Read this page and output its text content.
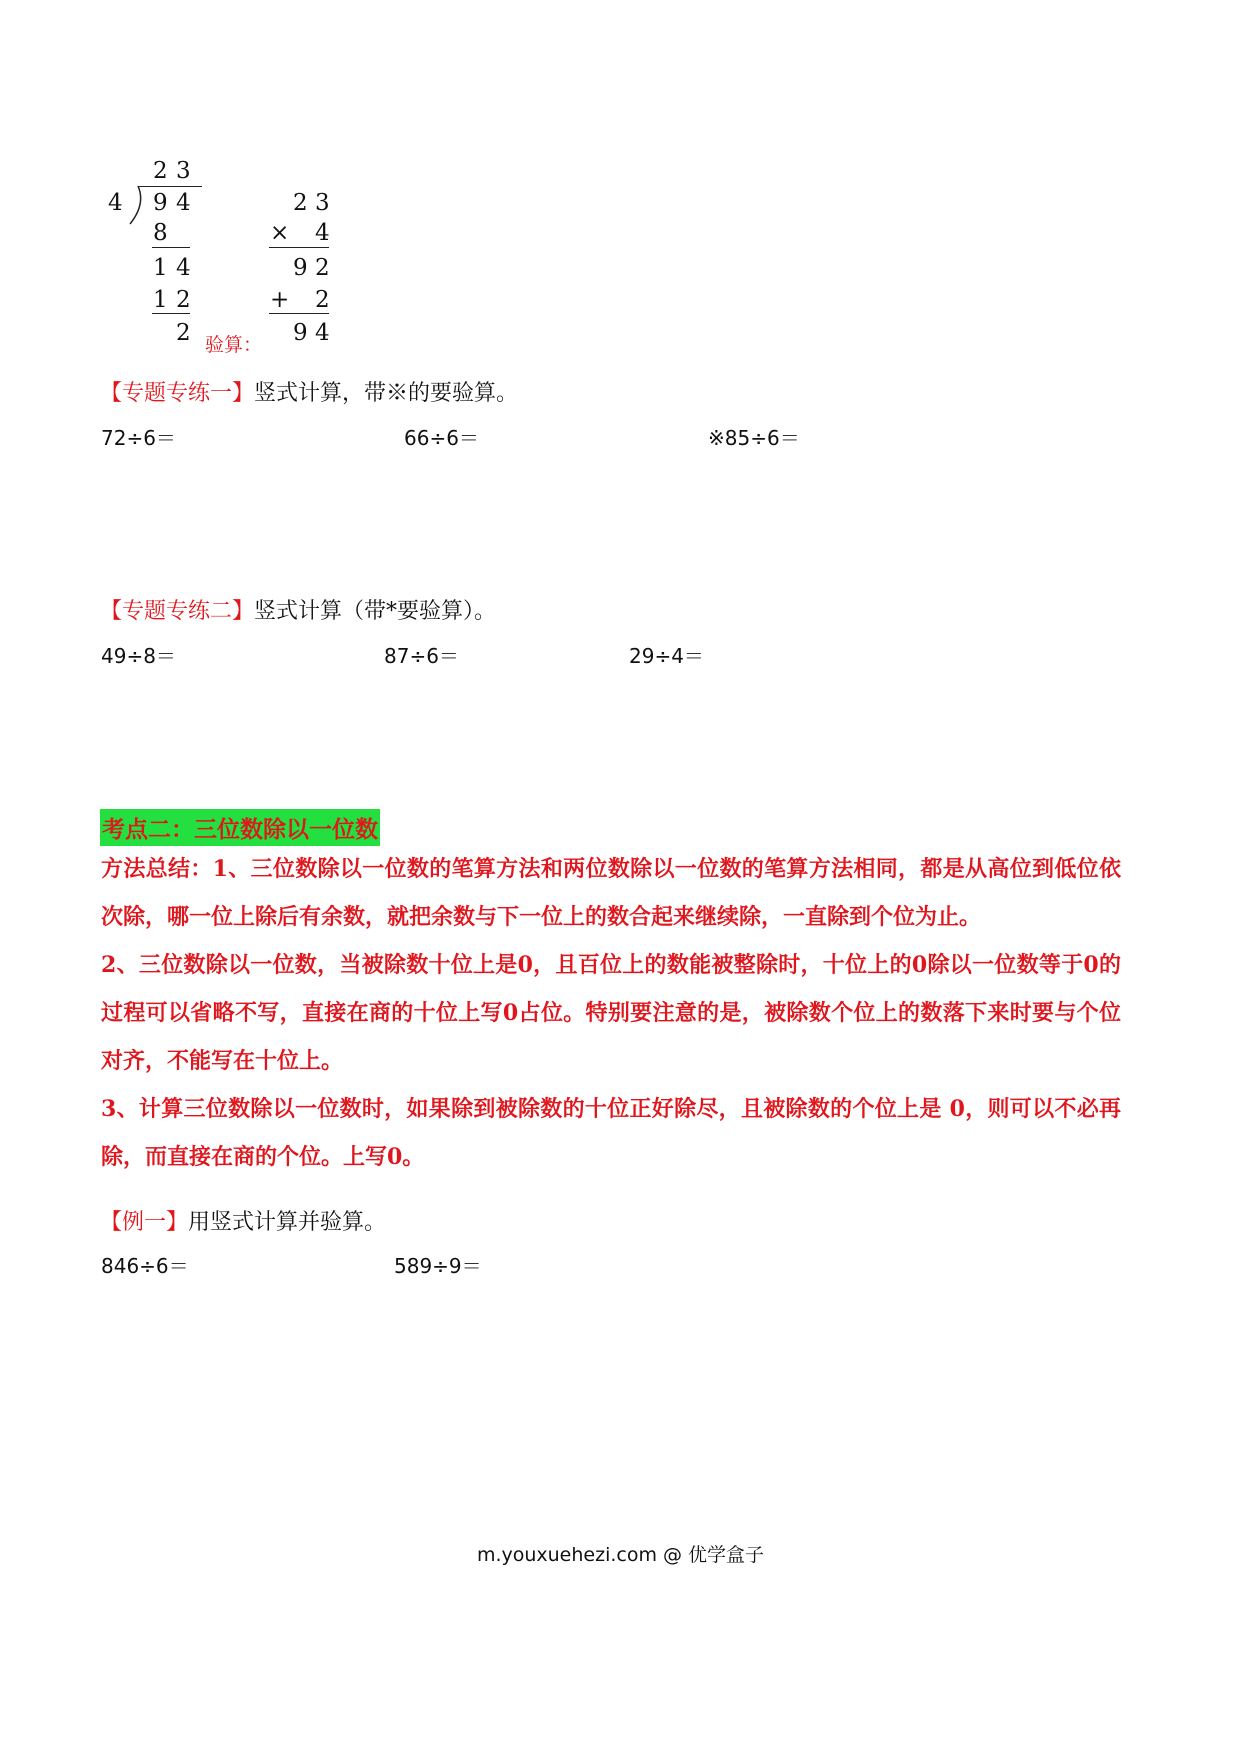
2 3
4 9 4
8
1 4
1 2
2 验算：
2 3
× 4
9 2
+ 2
9 4
【专题专练一】竖式计算，带※的要验算。
72÷6＝	66÷6＝	※85÷6＝
【专题专练二】竖式计算（带*要验算）。
49÷8＝	87÷6＝	29÷4＝
考点二：三位数除以一位数

方法总结：1、三位数除以一位数的笔算方法和两位数除以一位数的笔算方法相同，都是从高位到低位依次除，哪一位上除后有余数，就把余数与下一位上的数合起来继续除，一直除到个位为止。

2、三位数除以一位数，当被除数十位上是0，且百位上的数能被整除时，十位上的0除以一位数等于0的过程可以省略不写，直接在商的十位上写0占位。特别要注意的是，被除数个位上的数落下来时要与个位对齐，不能写在十位上。

3、计算三位数除以一位数时，如果除到被除数的十位正好除尽，且被除数的个位上是 0，则可以不必再除，而直接在商的个位。上写0。

【例一】用竖式计算并验算。
846÷6＝	589÷9＝
m.youxuehezi.com @ 优学盒子
